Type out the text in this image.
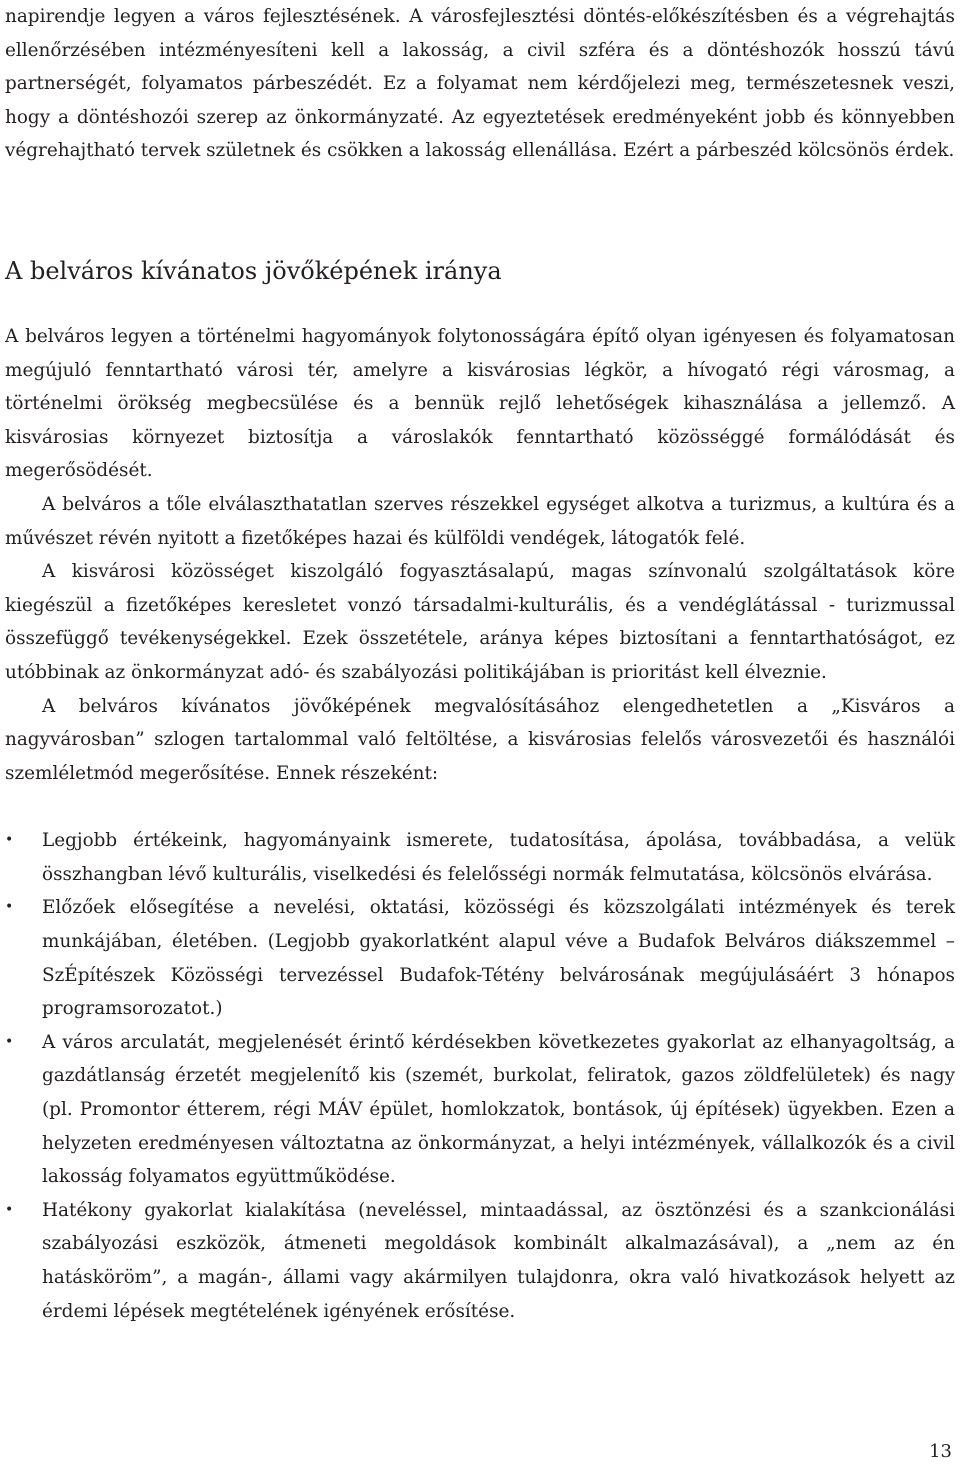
napirendje legyen a város fejlesztésének. A városfejlesztési döntés-előkészítésben és a végrehajtás ellenőrzésében intézményesíteni kell a lakosság, a civil szféra és a döntéshozók hosszú távú partnerségét, folyamatos párbeszédét. Ez a folyamat nem kérdőjelezi meg, természetesnek veszi, hogy a döntéshozói szerep az önkormányzaté. Az egyeztetések eredményeként jobb és könnyebben végrehajtható tervek születnek és csökken a lakosság ellenállása. Ezért a párbeszéd kölcsönös érdek.

A belváros kívánatos jövőképének iránya

A belváros legyen a történelmi hagyományok folytonosságára építő olyan igényesen és folyamatosan megújuló fenntartható városi tér, amelyre a kisvárosias légkör, a hívogató régi városmag, a történelmi örökség megbecsülése és a bennük rejlő lehetőségek kihasználása a jellemző. A kisvárosias környezet biztosítja a városlakók fenntartható közösséggé formálódását és megerősödését.

A belváros a tőle elválaszthatatlan szerves részekkel egységet alkotva a turizmus, a kultúra és a művészet révén nyitott a fizetőképes hazai és külföldi vendégek, látogatók felé.

A kisvárosi közösséget kiszolgáló fogyasztásalapú, magas színvonalú szolgáltatások köre kiegészül a fizetőképes keresletet vonzó társadalmi-kulturális, és a vendéglátással - turizmussal összefüggő tevékenységekkel. Ezek összetétele, aránya képes biztosítani a fenntarthatóságot, ez utóbbinak az önkormányzat adó- és szabályozási politikájában is prioritást kell élveznie.

A belváros kívánatos jövőképének megvalósításához elengedhetetlen a „Kisváros a nagyvárosban” szlogen tartalommal való feltöltése, a kisvárosias felelős városvezetői és használói szemléletmód megerősítése. Ennek részeként:

•	Legjobb értékeink, hagyományaink ismerete, tudatosítása, ápolása, továbbadása, a velük összhangban lévő kulturális, viselkedési és felelősségi normák felmutatása, kölcsönös elvárása.
•	Előzőek elősegítése a nevelési, oktatási, közösségi és közszolgálati intézmények és terek munkájában, életében. (Legjobb gyakorlatként alapul véve a Budafok Belváros diákszemmel – SzÉpítészek Közösségi tervezéssel Budafok-Tétény belvárosának megújulásáért 3 hónapos programsorozatot.)
•	A város arculatát, megjelenését érintő kérdésekben következetes gyakorlat az elhanyagoltság, a gazdátlanság érzetét megjelenítő kis (szemét, burkolat, feliratok, gazos zöldfelületek) és nagy (pl. Promontor étterem, régi MÁV épület, homlokzatok, bontások, új építések) ügyekben. Ezen a helyzeten eredményesen változtatna az önkormányzat, a helyi intézmények, vállalkozók és a civil lakosság folyamatos együttműködése.
•	Hatékony gyakorlat kialakítása (neveléssel, mintaadással, az ösztönzési és a szankcionálási szabályozási eszközök, átmeneti megoldások kombinált alkalmazásával), a „nem az én hatásköröm”, a magán-, állami vagy akármilyen tulajdonra, okra való hivatkozások helyett az érdemi lépések megtételének igényének erősítése.
13
